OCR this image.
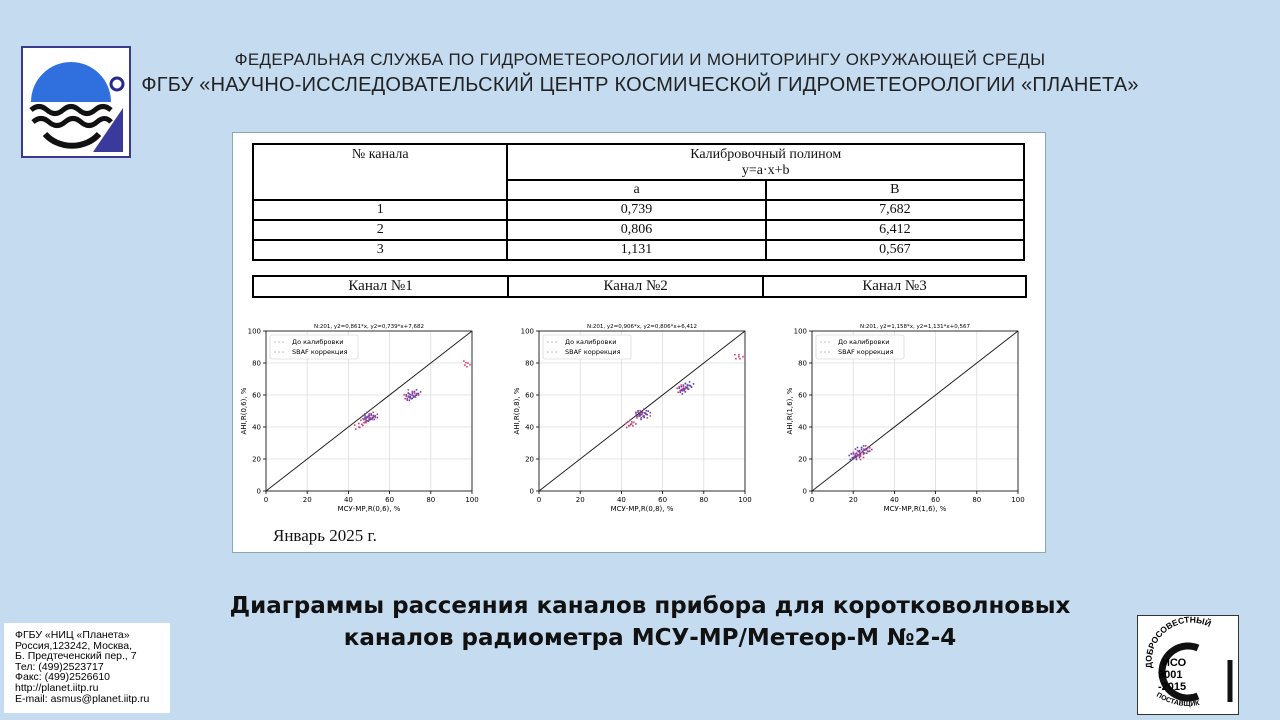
ФЕДЕРАЛЬНАЯ СЛУЖБА ПО ГИДРОМЕТЕОРОЛОГИИ И МОНИТОРИНГУ ОКРУЖАЮЩЕЙ СРЕДЫ
ФГБУ «НАУЧНО-ИССЛЕДОВАТЕЛЬСКИЙ ЦЕНТР КОСМИЧЕСКОЙ ГИДРОМЕТЕОРОЛОГИИ «ПЛАНЕТА»
№ канала	Калибровочный полином
y=a·x+b	

	а	В
1	0,739	7,682
2	0,806	6,412
3	1,131	0,567
Канал №1	Канал №2	Канал №3
0	20	40	60	80	100
0
20
40
60
80
100
N:201, y2=0,861*x, y2=0,739*x+7,682
МСУ-МР,R(0,6), %
AHI,R(0,6), %
До калибровки
SBAF коррекция
0	20	40	60	80	100
0
20
40
60
80
100
N:201, y2=0,906*x, y2=0,806*x+6,412
МСУ-МР,R(0,8), %
AHI,R(0,8), %
До калибровки
SBAF коррекция
0	20	40	60	80	100
0
20
40
60
80
100
N:201, y2=1,158*x, y2=1,131*x+0,567
МСУ-МР,R(1,6), %
AHI,R(1,6), %
До калибровки
SBAF коррекция
Январь 2025 г.
Диаграммы рассеяния каналов прибора для коротковолновых
каналов радиометра МСУ-МР/Метеор-М №2-4
ФГБУ «НИЦ «Планета»
Россия,123242, Москва,
Б. Предтеченский пер., 7
Тел: (499)2523717
Факс: (499)2526610
http://planet.iitp.ru
E-mail: asmus@planet.iitp.ru
ДОБРОСОВЕСТНЫЙ
ИСО
9001
-2015
ПОСТАВЩИК
